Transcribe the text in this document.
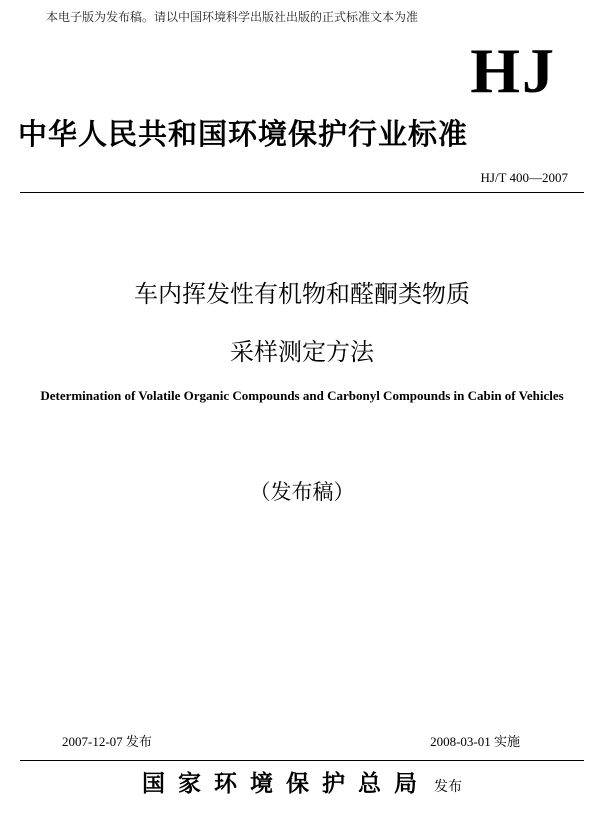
本电子版为发布稿。请以中国环境科学出版社出版的正式标准文本为准
HJ
中华人民共和国环境保护行业标准
HJ/T 400—2007
车内挥发性有机物和醛酮类物质
采样测定方法
Determination of Volatile Organic Compounds and Carbonyl Compounds in Cabin of Vehicles
（发布稿）
2007-12-07 发布	2008-03-01 实施
国家环境保护总局 发布
